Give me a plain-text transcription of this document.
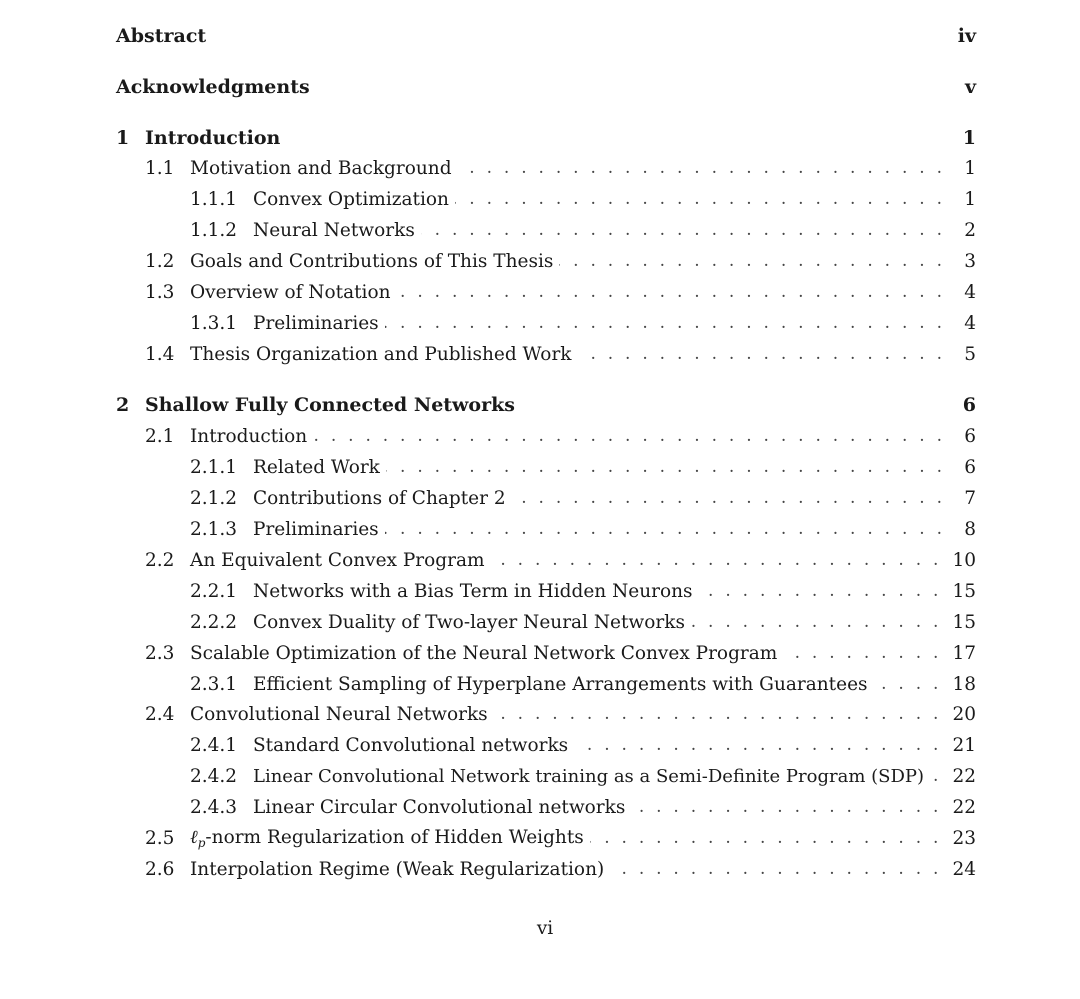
Abstract	iv
Acknowledgments	v
1 Introduction	1
1.1 Motivation and Background . . .	1
1.1.1 Convex Optimization . . .	1
1.1.2 Neural Networks . . .	2
1.2 Goals and Contributions of This Thesis . . .	3
1.3 Overview of Notation . . .	4
1.3.1 Preliminaries . . .	4
1.4 Thesis Organization and Published Work . . .	5
2 Shallow Fully Connected Networks	6
2.1 Introduction . . .	6
2.1.1 Related Work . . .	6
2.1.2 Contributions of Chapter 2 . . .	7
2.1.3 Preliminaries . . .	8
2.2 An Equivalent Convex Program . . .	10
2.2.1 Networks with a Bias Term in Hidden Neurons . . .	15
2.2.2 Convex Duality of Two-layer Neural Networks . . .	15
2.3 Scalable Optimization of the Neural Network Convex Program . . .	17
2.3.1 Efficient Sampling of Hyperplane Arrangements with Guarantees . . .	18
2.4 Convolutional Neural Networks . . .	20
2.4.1 Standard Convolutional networks . . .	21
2.4.2 Linear Convolutional Network training as a Semi-Definite Program (SDP) . . .	22
2.4.3 Linear Circular Convolutional networks . . .	22
2.5 ℓ$_p$-norm Regularization of Hidden Weights . . .	23
2.6 Interpolation Regime (Weak Regularization) . . .	24
vi
